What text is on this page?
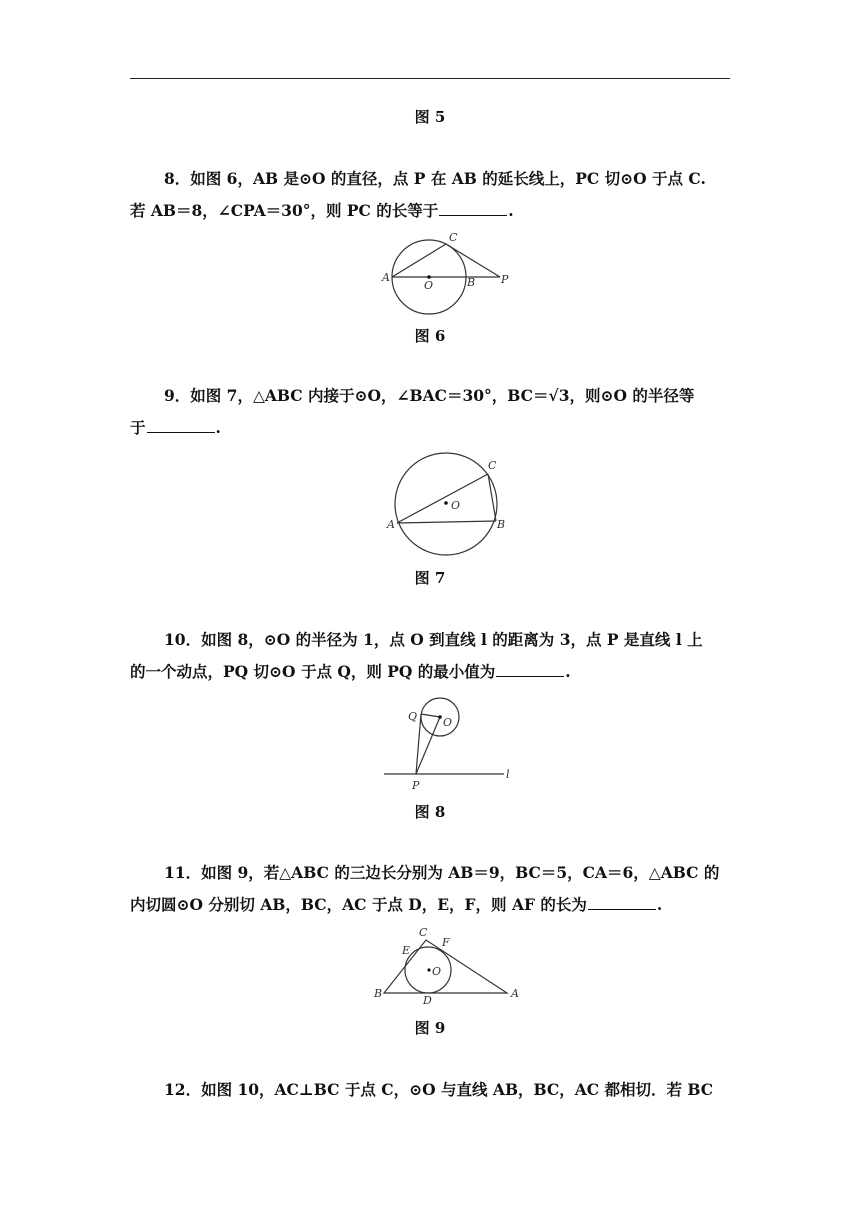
图 5
8．如图 6，AB 是⊙O 的直径，点 P 在 AB 的延长线上，PC 切⊙O 于点 C.
若 AB＝8，∠CPA＝30°，则 PC 的长等于	.
A
O	B P
C
图 6
9．如图 7，△ABC 内接于⊙O，∠BAC＝30°，BC＝√3，则⊙O 的半径等
于	.
A
O
B
C
图 7
10．如图 8，⊙O 的半径为 1，点 O 到直线 l 的距离为 3，点 P 是直线 l 上
的一个动点，PQ 切⊙O 于点 Q，则 PQ 的最小值为	.
Q O
P
l
图 8
11．如图 9，若△ABC 的三边长分别为 AB＝9，BC＝5，CA＝6，△ABC 的
内切圆⊙O 分别切 AB，BC，AC 于点 D，E，F，则 AF 的长为	.
B
D
A
C
E
F
O
图 9
12．如图 10，AC⊥BC 于点 C，⊙O 与直线 AB，BC，AC 都相切．若 BC
